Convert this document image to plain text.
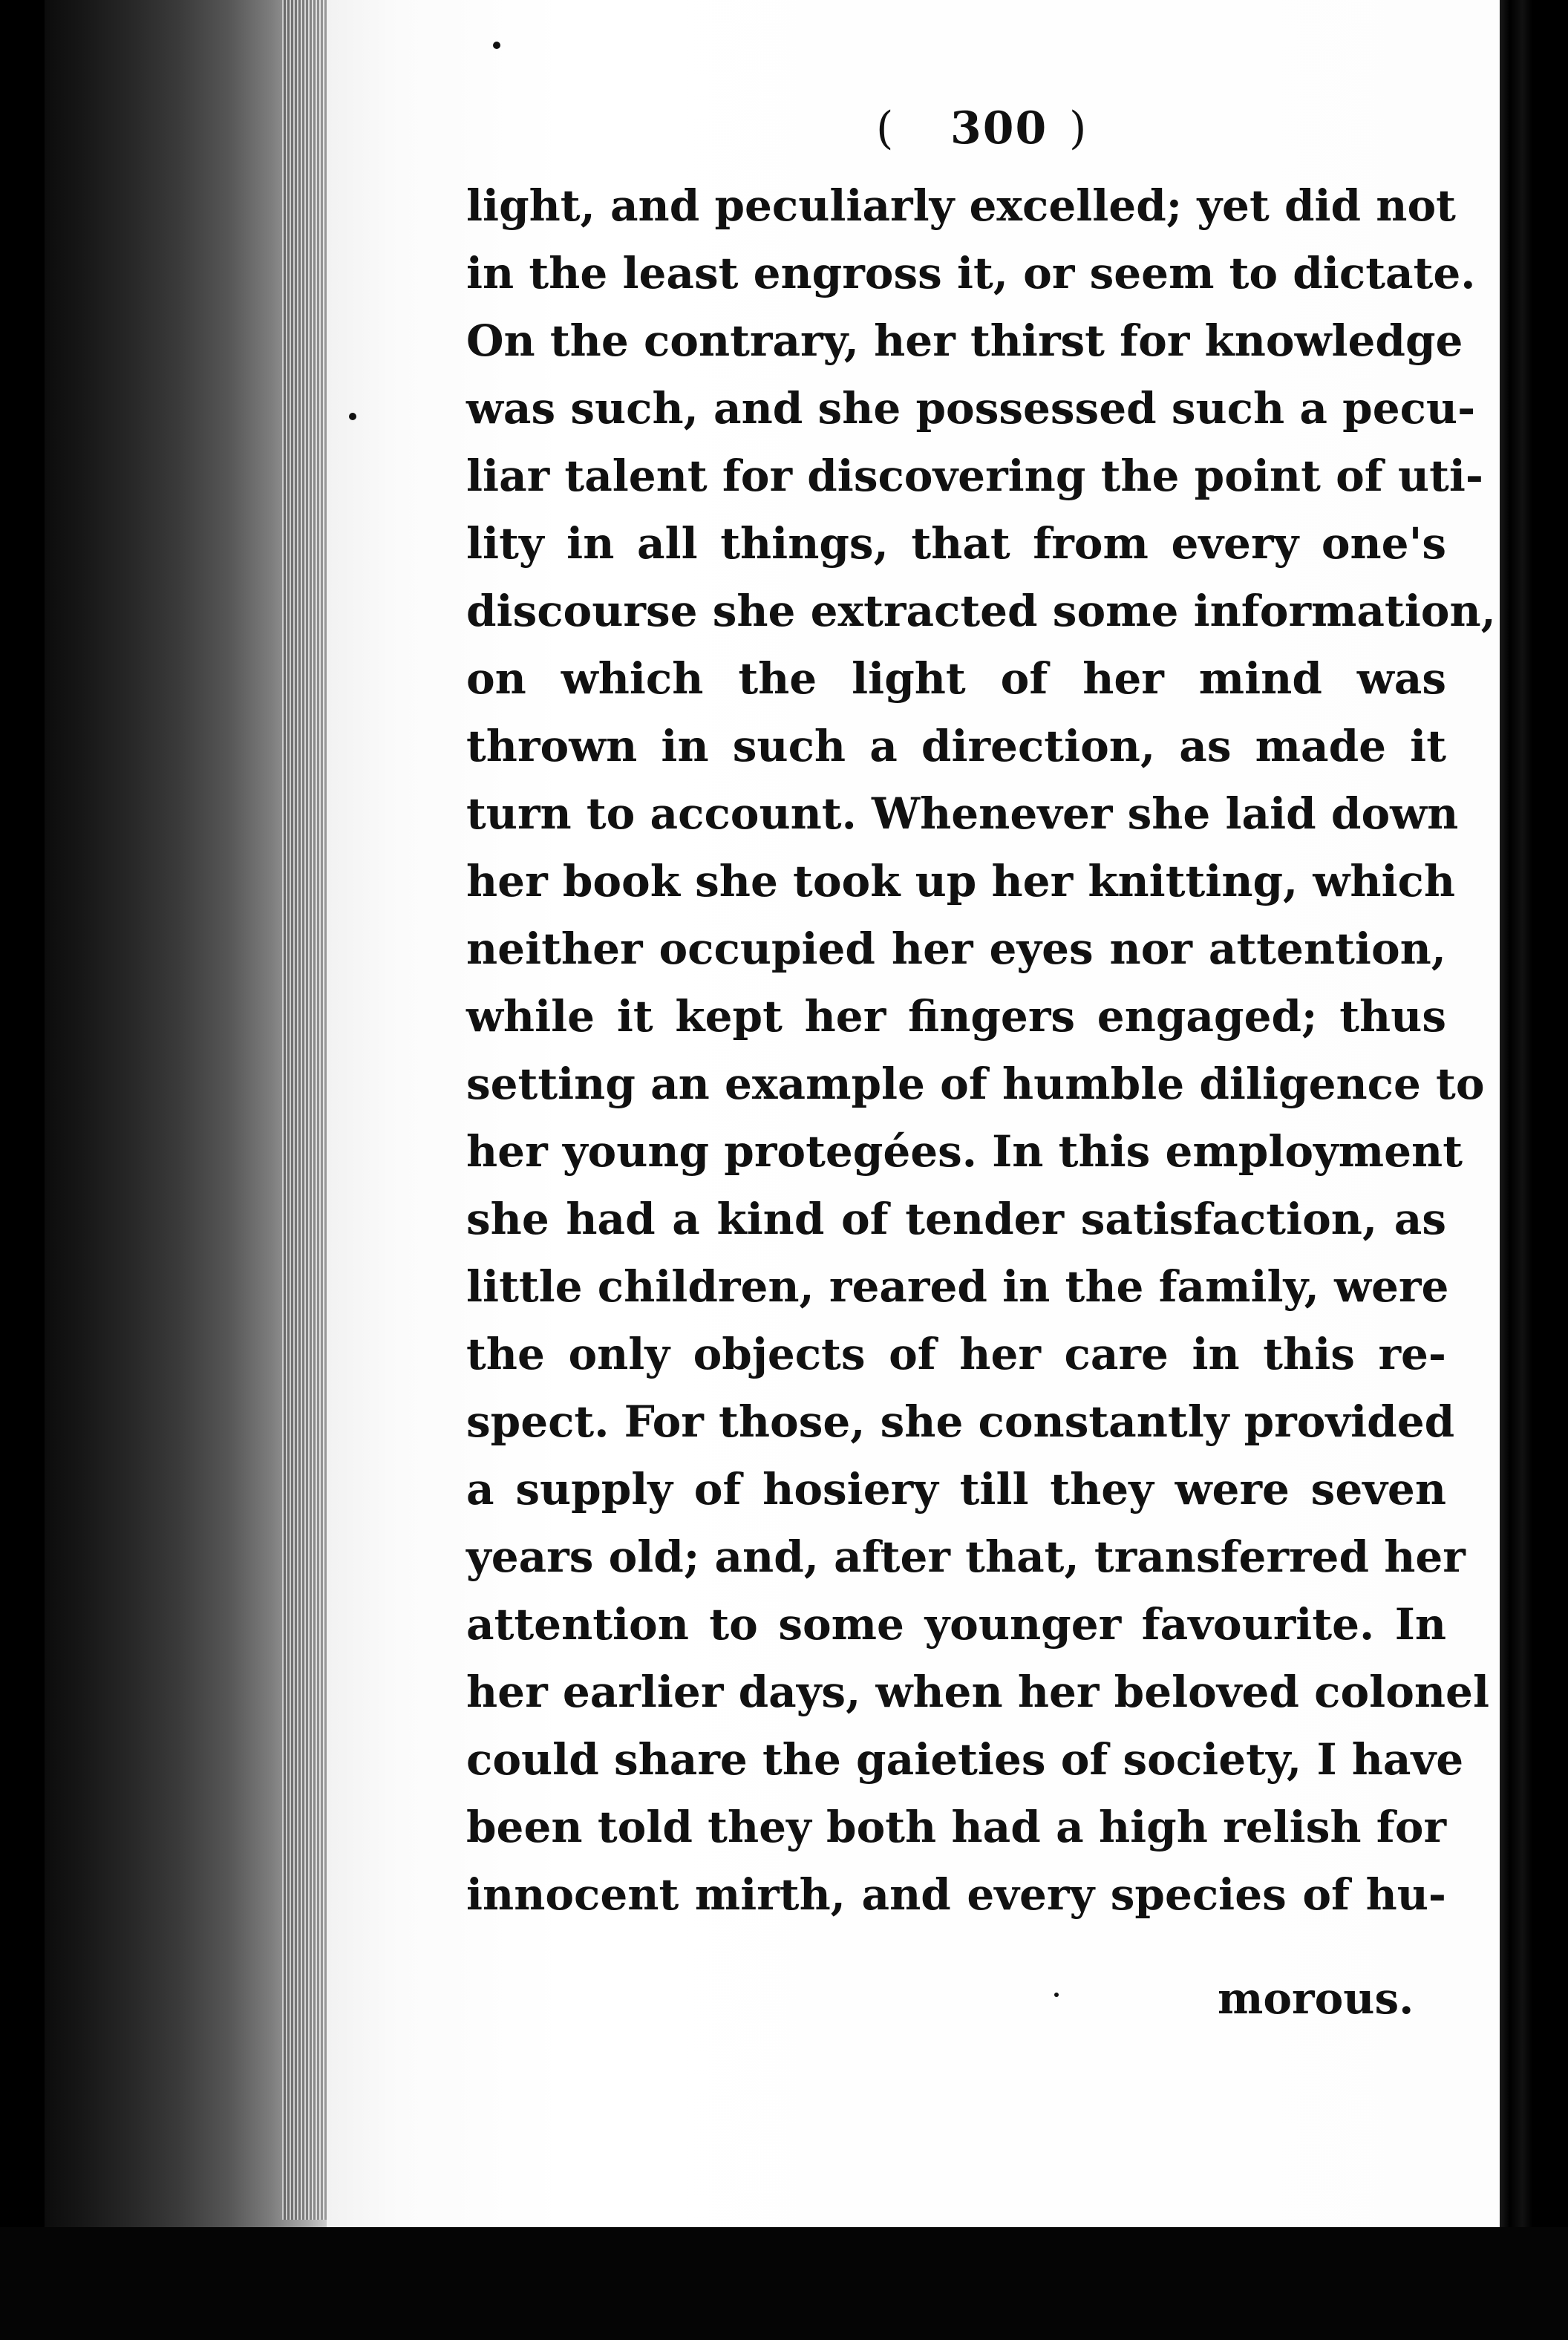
( 300 )
light, and peculiarly excelled; yet did not
in the least engross it, or seem to dictate.
On the contrary, her thirst for knowledge
was such, and she possessed such a pecu-
liar talent for discovering the point of uti-
lity in all things, that from every one's
discourse she extracted some information,
on which the light of her mind was
thrown in such a direction, as made it
turn to account. Whenever she laid down
her book she took up her knitting, which
neither occupied her eyes nor attention,
while it kept her fingers engaged; thus
setting an example of humble diligence to
her young protegées. In this employment
she had a kind of tender satisfaction, as
little children, reared in the family, were
the only objects of her care in this re-
spect. For those, she constantly provided
a supply of hosiery till they were seven
years old; and, after that, transferred her
attention to some younger favourite. In
her earlier days, when her beloved colonel
could share the gaieties of society, I have
been told they both had a high relish for
innocent mirth, and every species of hu-
morous.
